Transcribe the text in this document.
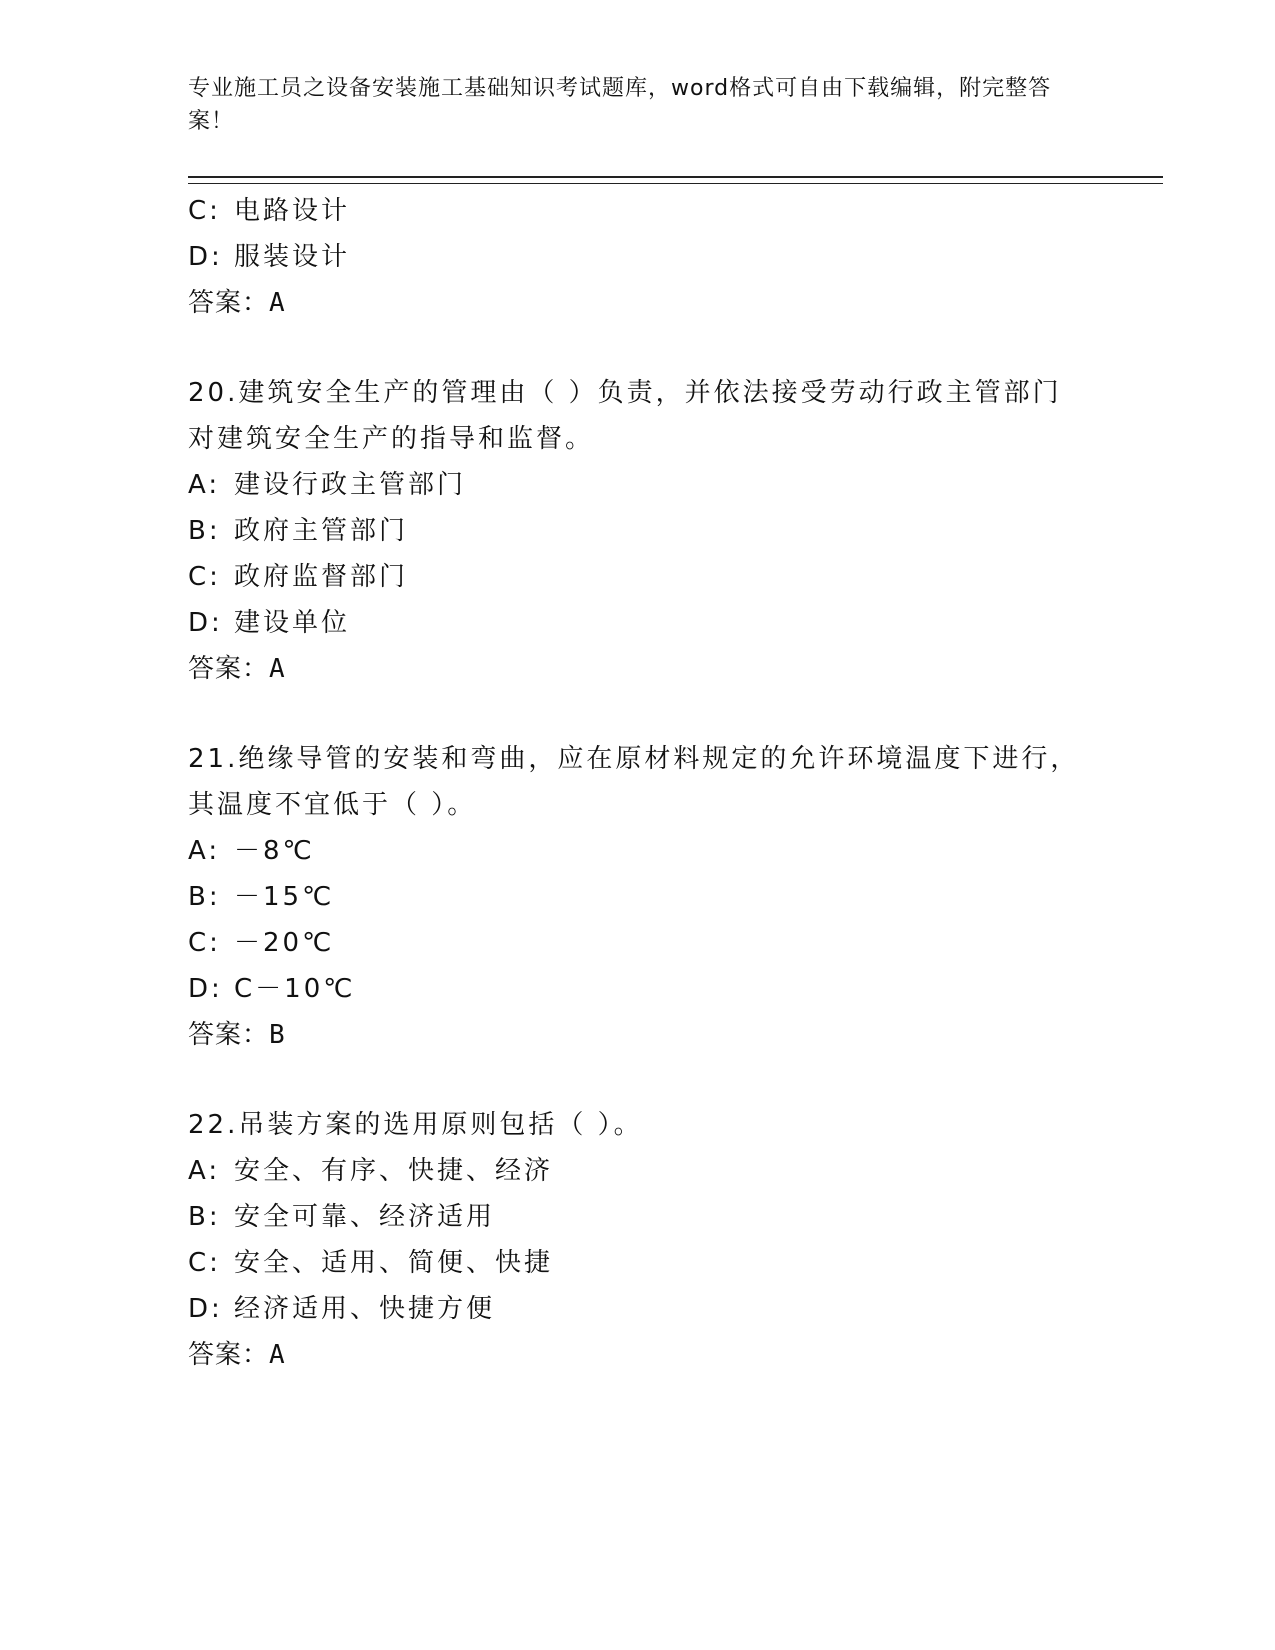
专业施工员之设备安装施工基础知识考试题库，word格式可自由下载编辑，附完整答案！
C: 电路设计
D: 服装设计
答案：A
20.建筑安全生产的管理由（ ）负责，并依法接受劳动行政主管部门对建筑安全生产的指导和监督。
A: 建设行政主管部门
B: 政府主管部门
C: 政府监督部门
D: 建设单位
答案：A
21.绝缘导管的安装和弯曲，应在原材料规定的允许环境温度下进行，其温度不宜低于（ ）。
A: －8℃
B: －15℃
C: －20℃
D: C－10℃
答案：B
22.吊装方案的选用原则包括（ ）。
A: 安全、有序、快捷、经济
B: 安全可靠、经济适用
C: 安全、适用、简便、快捷
D: 经济适用、快捷方便
答案：A
